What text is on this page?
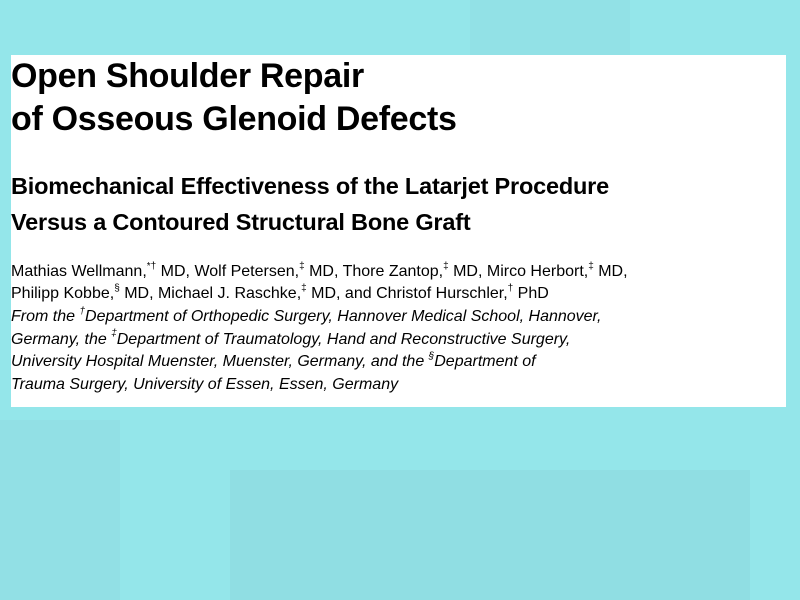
Open Shoulder Repair
of Osseous Glenoid Defects
Biomechanical Effectiveness of the Latarjet Procedure
Versus a Contoured Structural Bone Graft

Mathias Wellmann,*† MD, Wolf Petersen,‡ MD, Thore Zantop,‡ MD, Mirco Herbort,‡ MD,
Philipp Kobbe,§ MD, Michael J. Raschke,‡ MD, and Christof Hurschler,† PhD

From the †Department of Orthopedic Surgery, Hannover Medical School, Hannover,
Germany, the ‡Department of Traumatology, Hand and Reconstructive Surgery,
University Hospital Muenster, Muenster, Germany, and the §Department of
Trauma Surgery, University of Essen, Essen, Germany
